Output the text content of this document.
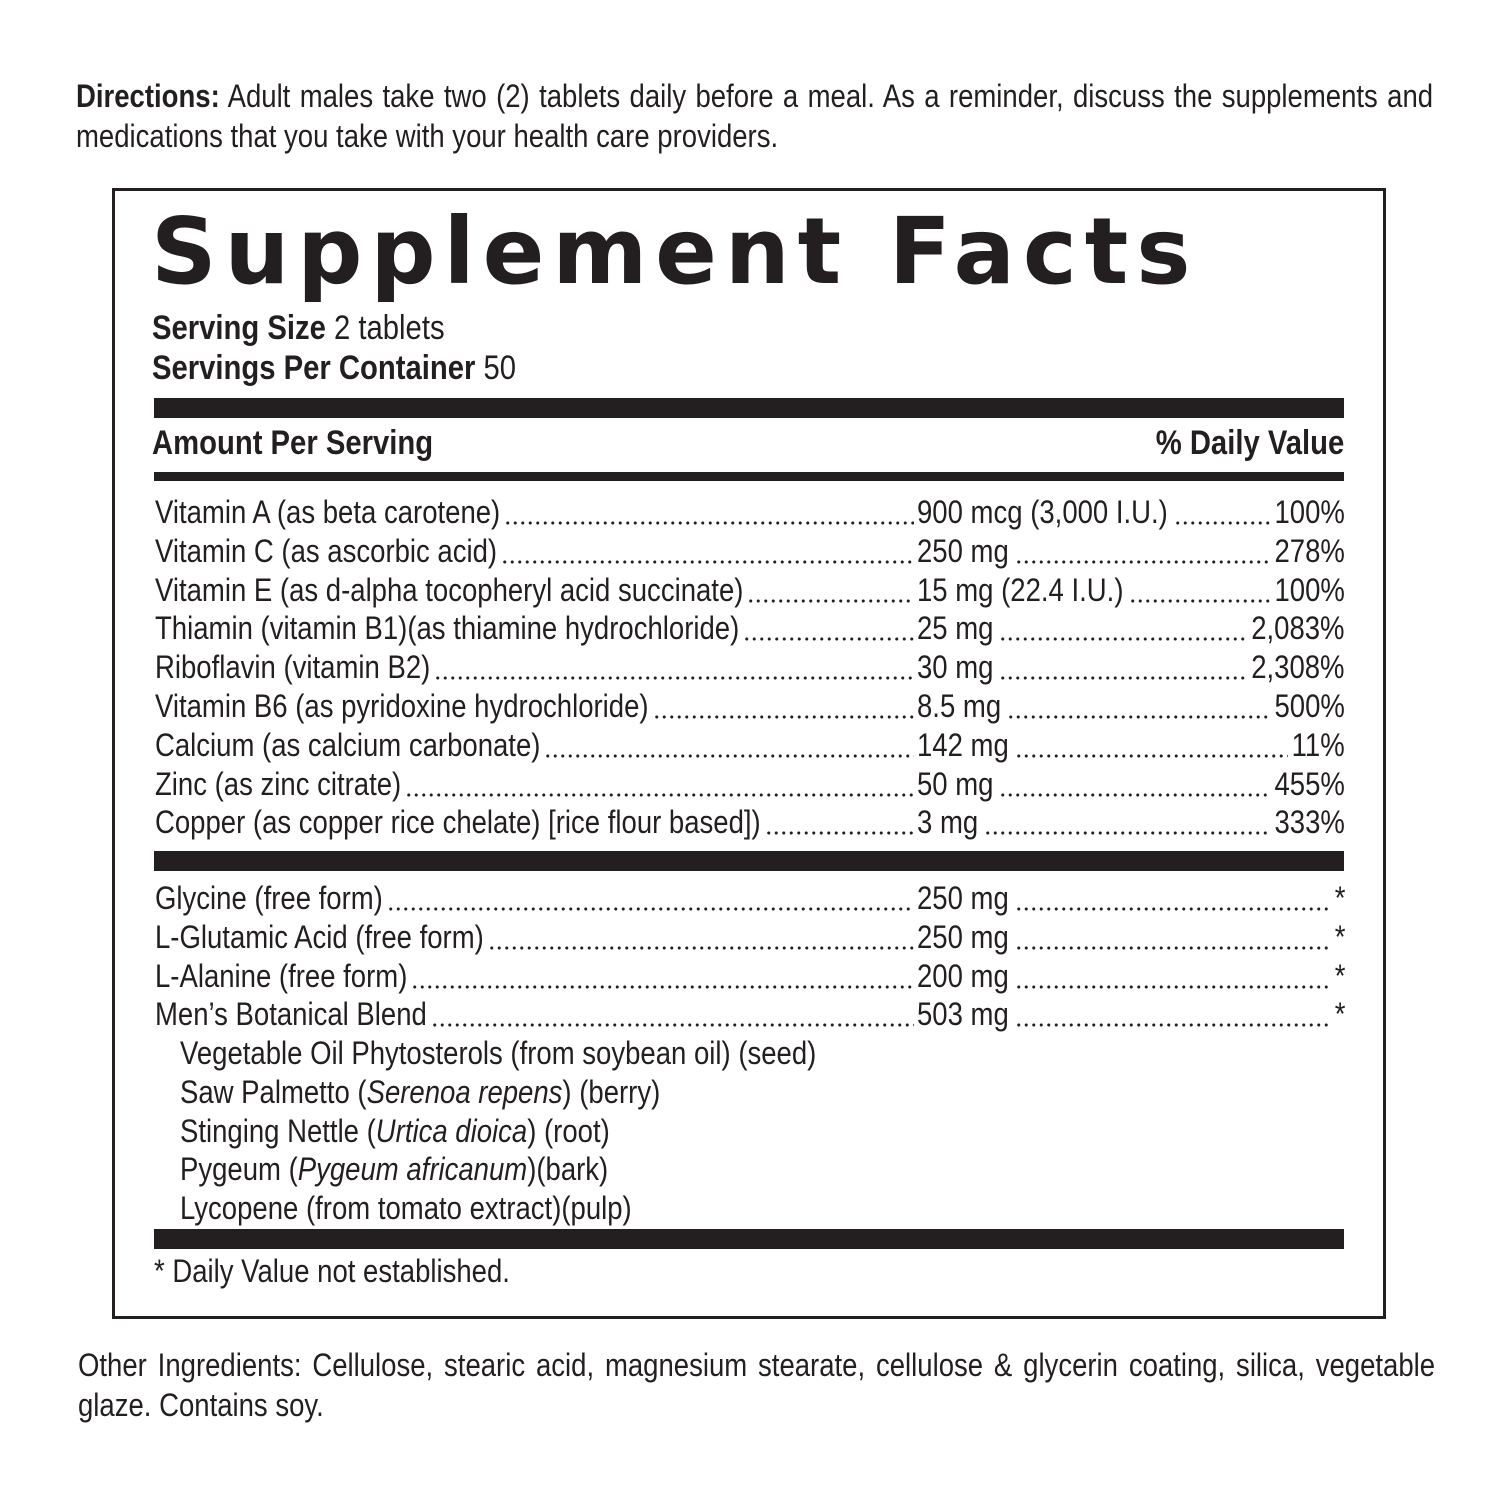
Directions: Adult males take two (2) tablets daily before a meal. As a reminder, discuss the supplements and medications that you take with your health care providers.
Supplement Facts
Serving Size 2 tablets
Servings Per Container 50
Amount Per Serving	% Daily Value
Vitamin A (as beta carotene)	900 mcg (3,000 I.U.)	100%
Vitamin C (as ascorbic acid)	250 mg	278%
Vitamin E (as d-alpha tocopheryl acid succinate)	15 mg (22.4 I.U.)	100%
Thiamin (vitamin B1)(as thiamine hydrochloride)	25 mg	2,083%
Riboflavin (vitamin B2)	30 mg	2,308%
Vitamin B6 (as pyridoxine hydrochloride)	8.5 mg	500%
Calcium (as calcium carbonate)	142 mg	11%
Zinc (as zinc citrate)	50 mg	455%
Copper (as copper rice chelate) [rice flour based])	3 mg	333%
Glycine (free form)	250 mg	*
L-Glutamic Acid (free form)	250 mg	*
L-Alanine (free form)	200 mg	*
Men’s Botanical Blend	503 mg	*
Vegetable Oil Phytosterols (from soybean oil) (seed)
Saw Palmetto (Serenoa repens) (berry)
Stinging Nettle (Urtica dioica) (root)
Pygeum (Pygeum africanum)(bark)
Lycopene (from tomato extract)(pulp)
* Daily Value not established.
Other Ingredients: Cellulose, stearic acid, magnesium stearate, cellulose & glycerin coating, silica, vegetable glaze. Contains soy.
